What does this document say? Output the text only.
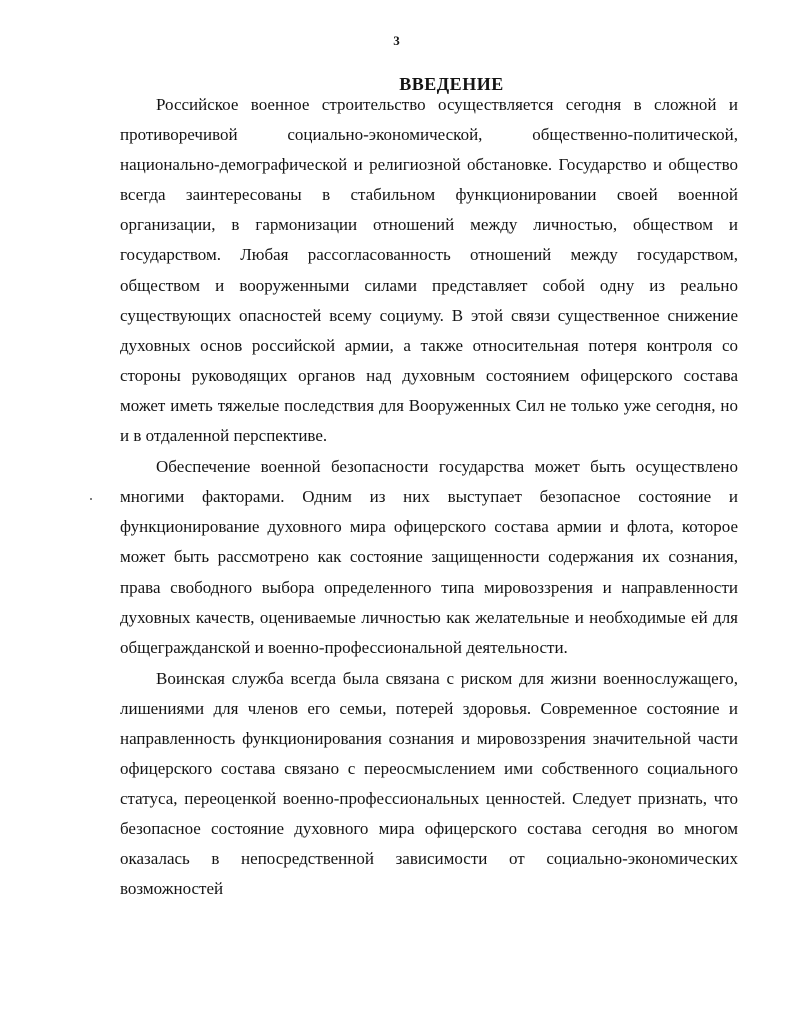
3
ВВЕДЕНИЕ

Российское военное строительство осуществляется сегодня в сложной и противоречивой социально-экономической, общественно-политической, национально-демографической и религиозной обстановке. Государство и общество всегда заинтересованы в стабильном функционировании своей военной организации, в гармонизации отношений между личностью, обществом и государством. Любая рассогласованность отношений между государством, обществом и вооруженными силами представляет собой одну из реально существующих опасностей всему социуму. В этой связи существенное снижение духовных основ российской армии, а также относительная потеря контроля со стороны руководящих органов над духовным состоянием офицерского состава может иметь тяжелые последствия для Вооруженных Сил не только уже сегодня, но и в отдаленной перспективе.

Обеспечение военной безопасности государства может быть осуществлено многими факторами. Одним из них выступает безопасное состояние и функционирование духовного мира офицерского состава армии и флота, которое может быть рассмотрено как состояние защищенности содержания их сознания, права свободного выбора определенного типа мировоззрения и направленности духовных качеств, оцениваемые личностью как желательные и необходимые ей для общегражданской и военно-профессиональной деятельности.

Воинская служба всегда была связана с риском для жизни военнослужащего, лишениями для членов его семьи, потерей здоровья. Современное состояние и направленность функционирования сознания и мировоззрения значительной части офицерского состава связано с переосмыслением ими собственного социального статуса, переоценкой военно-профессиональных ценностей. Следует признать, что безопасное состояние духовного мира офицерского состава сегодня во многом оказалась в непосредственной зависимости от социально-экономических возможностей
